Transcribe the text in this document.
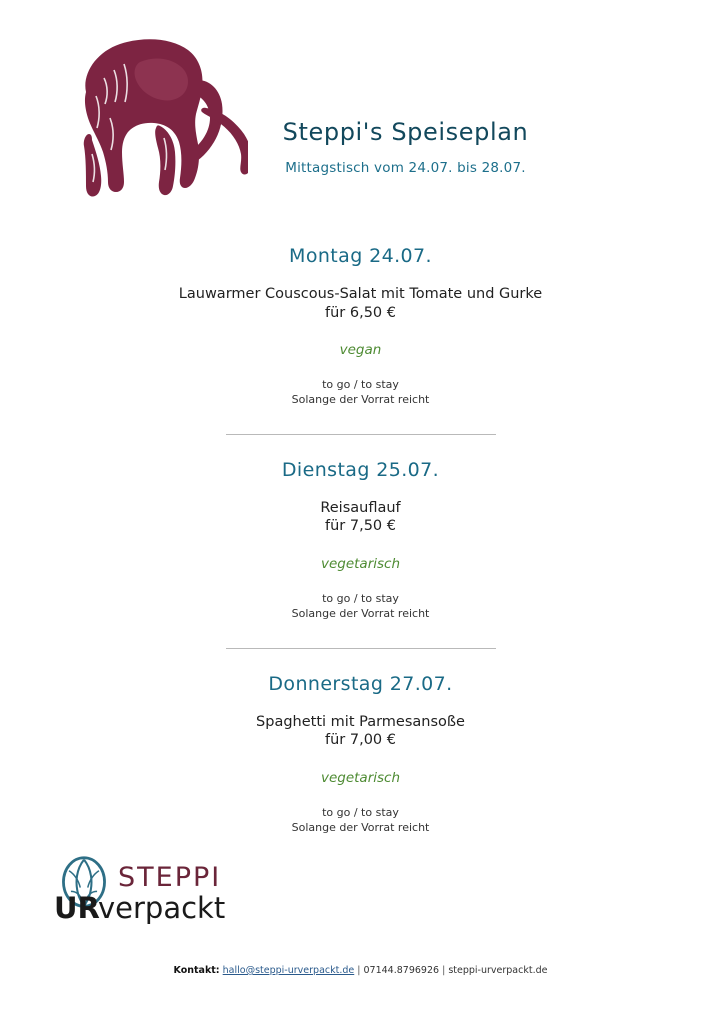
Steppi's Speiseplan
Mittagstisch vom 24.07. bis 28.07.
Montag 24.07.
Lauwarmer Couscous-Salat mit Tomate und Gurke
für 6,50 €
vegan
to go / to stay
Solange der Vorrat reicht
Dienstag 25.07.
Reisauflauf
für 7,50 €
vegetarisch
to go / to stay
Solange der Vorrat reicht
Donnerstag 27.07.
Spaghetti mit Parmesansoße
für 7,00 €
vegetarisch
to go / to stay
Solange der Vorrat reicht
STEPPI
UR
verpackt
Kontakt: hallo@steppi-urverpackt.de | 07144.8796926 | steppi-urverpackt.de
